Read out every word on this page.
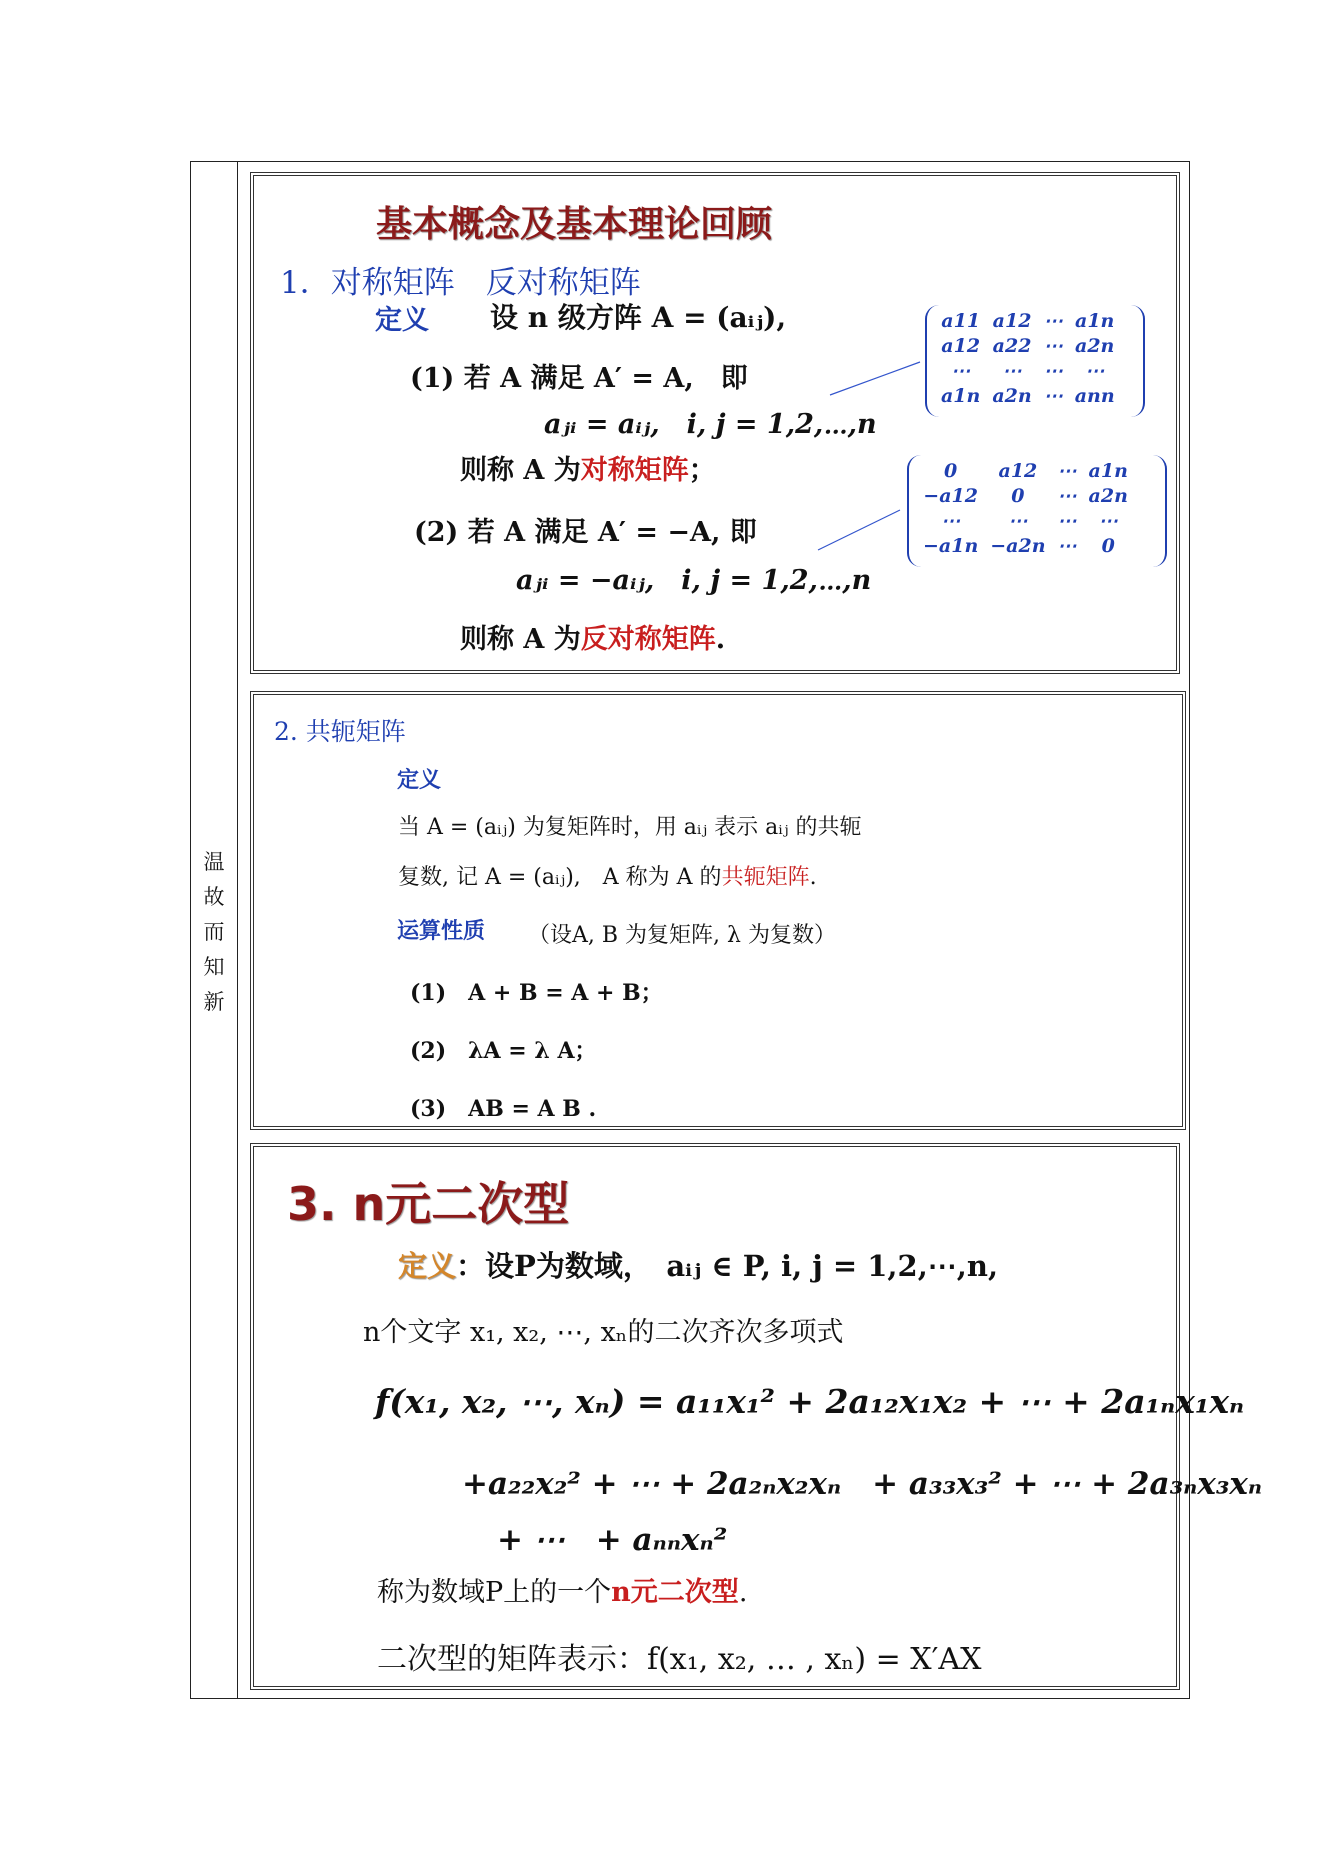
温
故
而
知
新
基本概念及基本理论回顾
1．对称矩阵　反对称矩阵
定义 设 n 级方阵 A = (aᵢⱼ),
(1) 若 A 满足 A′ = A,　即
aⱼᵢ = aᵢⱼ,　i, j = 1,2,⋯,n
则称 A 为对称矩阵；
(2) 若 A 满足 A′ = −A, 即
aⱼᵢ = −aᵢⱼ,　i, j = 1,2,⋯,n
则称 A 为反对称矩阵.
a11	a12	⋯	a1n
a12	a22	⋯	a2n
⋯	⋯	⋯	⋯
a1n	a2n	⋯	ann
0	a12	⋯	a1n
−a12	0	⋯	a2n
⋯	⋯	⋯	⋯
−a1n	−a2n	⋯	0
2. 共轭矩阵
定义
当 A = (aᵢⱼ) 为复矩阵时，用 aᵢⱼ 表示 aᵢⱼ 的共轭
复数, 记 A = (aᵢⱼ),　A 称为 A 的共轭矩阵.
运算性质 （设A, B 为复矩阵, λ 为复数）
(1)　A + B = A + B；
(2)　λA = λ A；
(3)　AB = A B .
3. n元二次型
定义：设P为数域，　aᵢⱼ ∈ P, i, j = 1,2,⋯,n,
n个文字 x₁, x₂, ⋯, xₙ的二次齐次多项式
f(x₁, x₂, ⋯, xₙ) = a₁₁x₁² + 2a₁₂x₁x₂ + ⋯ + 2a₁ₙx₁xₙ
+a₂₂x₂² + ⋯ + 2a₂ₙx₂xₙ　+ a₃₃x₃² + ⋯ + 2a₃ₙx₃xₙ
+ ⋯　+ aₙₙxₙ²
称为数域P上的一个n元二次型.
二次型的矩阵表示：f(x₁, x₂, … , xₙ) = X′AX
